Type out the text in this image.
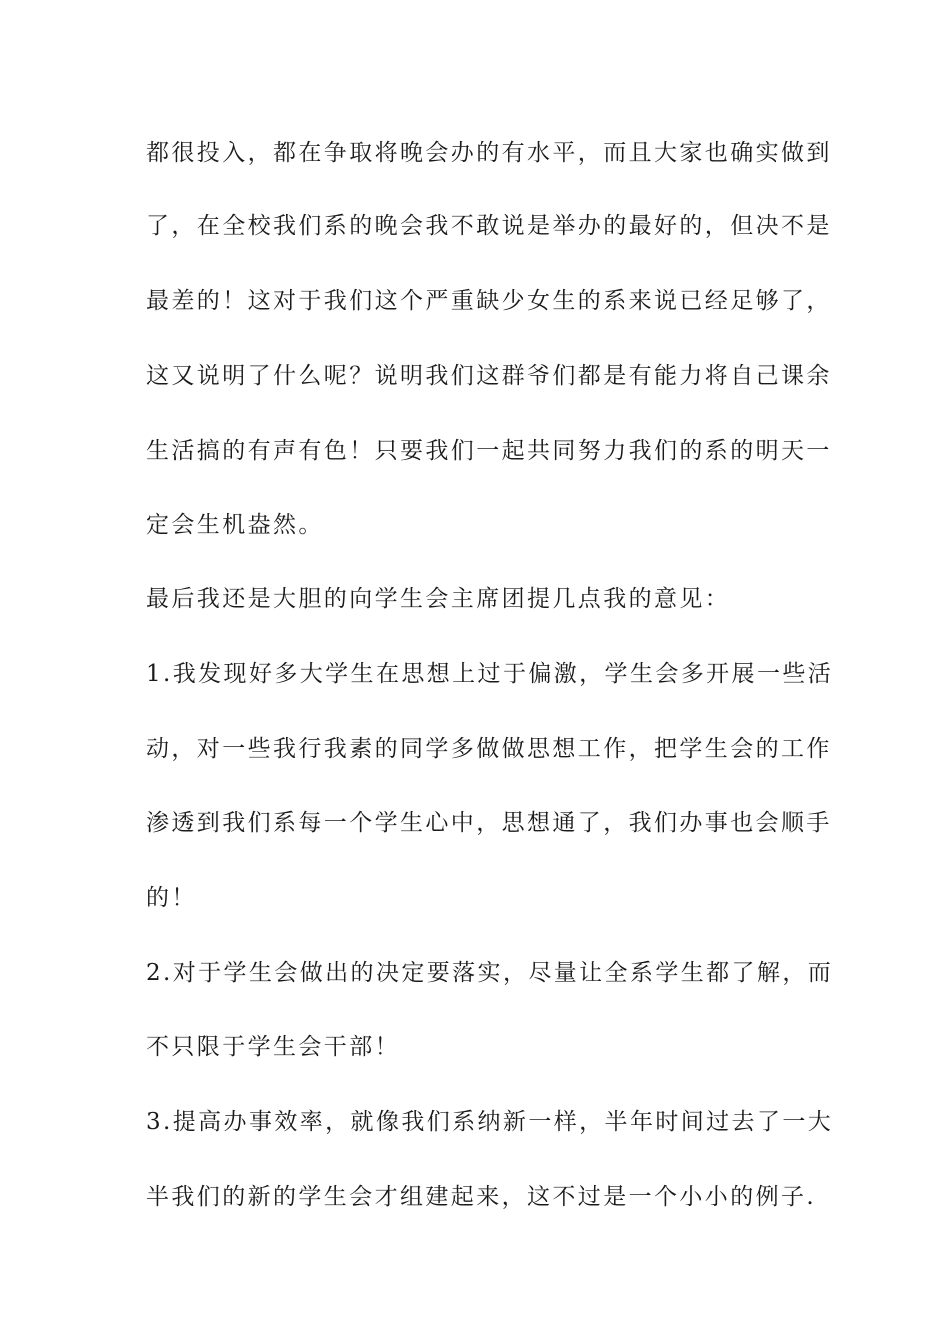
都很投入，都在争取将晚会办的有水平，而且大家也确实做到
了，在全校我们系的晚会我不敢说是举办的最好的，但决不是
最差的！这对于我们这个严重缺少女生的系来说已经足够了，
这又说明了什么呢？说明我们这群爷们都是有能力将自己课余
生活搞的有声有色！只要我们一起共同努力我们的系的明天一
定会生机盎然。
最后我还是大胆的向学生会主席团提几点我的意见：
1.我发现好多大学生在思想上过于偏激，学生会多开展一些活
动，对一些我行我素的同学多做做思想工作，把学生会的工作
渗透到我们系每一个学生心中，思想通了，我们办事也会顺手
的！
2.对于学生会做出的决定要落实，尽量让全系学生都了解，而
不只限于学生会干部！
3.提高办事效率，就像我们系纳新一样，半年时间过去了一大
半我们的新的学生会才组建起来，这不过是一个小小的例子.
